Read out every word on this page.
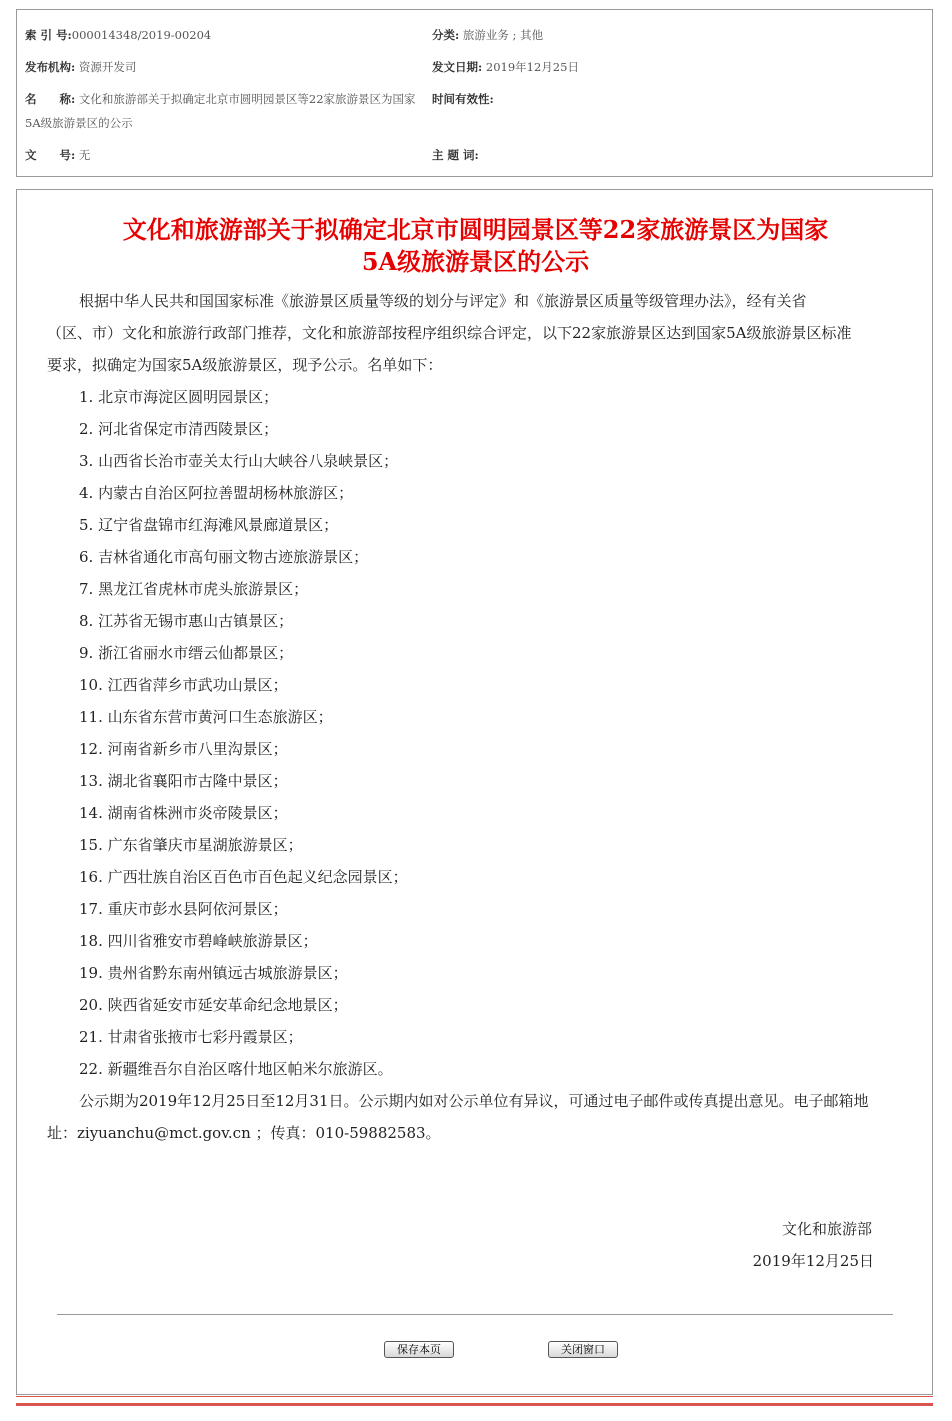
索 引 号:000014348/2019-00204	分类: 旅游业务 ; 其他
发布机构: 资源开发司	发文日期: 2019年12月25日
名　　称: 文化和旅游部关于拟确定北京市圆明园景区等22家旅游景区为国家
5A级旅游景区的公示
时间有效性:
文　　号: 无	主 题 词:
文化和旅游部关于拟确定北京市圆明园景区等22家旅游景区为国家
5A级旅游景区的公示
根据中华人民共和国国家标准《旅游景区质量等级的划分与评定》和《旅游景区质量等级管理办法》，经有关省
（区、市）文化和旅游行政部门推荐，文化和旅游部按程序组织综合评定，以下22家旅游景区达到国家5A级旅游景区标准
要求，拟确定为国家5A级旅游景区，现予公示。名单如下：
1. 北京市海淀区圆明园景区；
2. 河北省保定市清西陵景区；
3. 山西省长治市壶关太行山大峡谷八泉峡景区；
4. 内蒙古自治区阿拉善盟胡杨林旅游区；
5. 辽宁省盘锦市红海滩风景廊道景区；
6. 吉林省通化市高句丽文物古迹旅游景区；
7. 黑龙江省虎林市虎头旅游景区；
8. 江苏省无锡市惠山古镇景区；
9. 浙江省丽水市缙云仙都景区；
10. 江西省萍乡市武功山景区；
11. 山东省东营市黄河口生态旅游区；
12. 河南省新乡市八里沟景区；
13. 湖北省襄阳市古隆中景区；
14. 湖南省株洲市炎帝陵景区；
15. 广东省肇庆市星湖旅游景区；
16. 广西壮族自治区百色市百色起义纪念园景区；
17. 重庆市彭水县阿依河景区；
18. 四川省雅安市碧峰峡旅游景区；
19. 贵州省黔东南州镇远古城旅游景区；
20. 陕西省延安市延安革命纪念地景区；
21. 甘肃省张掖市七彩丹霞景区；
22. 新疆维吾尔自治区喀什地区帕米尔旅游区。
公示期为2019年12月25日至12月31日。公示期内如对公示单位有异议，可通过电子邮件或传真提出意见。电子邮箱地
址：ziyuanchu@mct.gov.cn ；传真：010-59882583。
文化和旅游部
2019年12月25日
保存本页	关闭窗口
